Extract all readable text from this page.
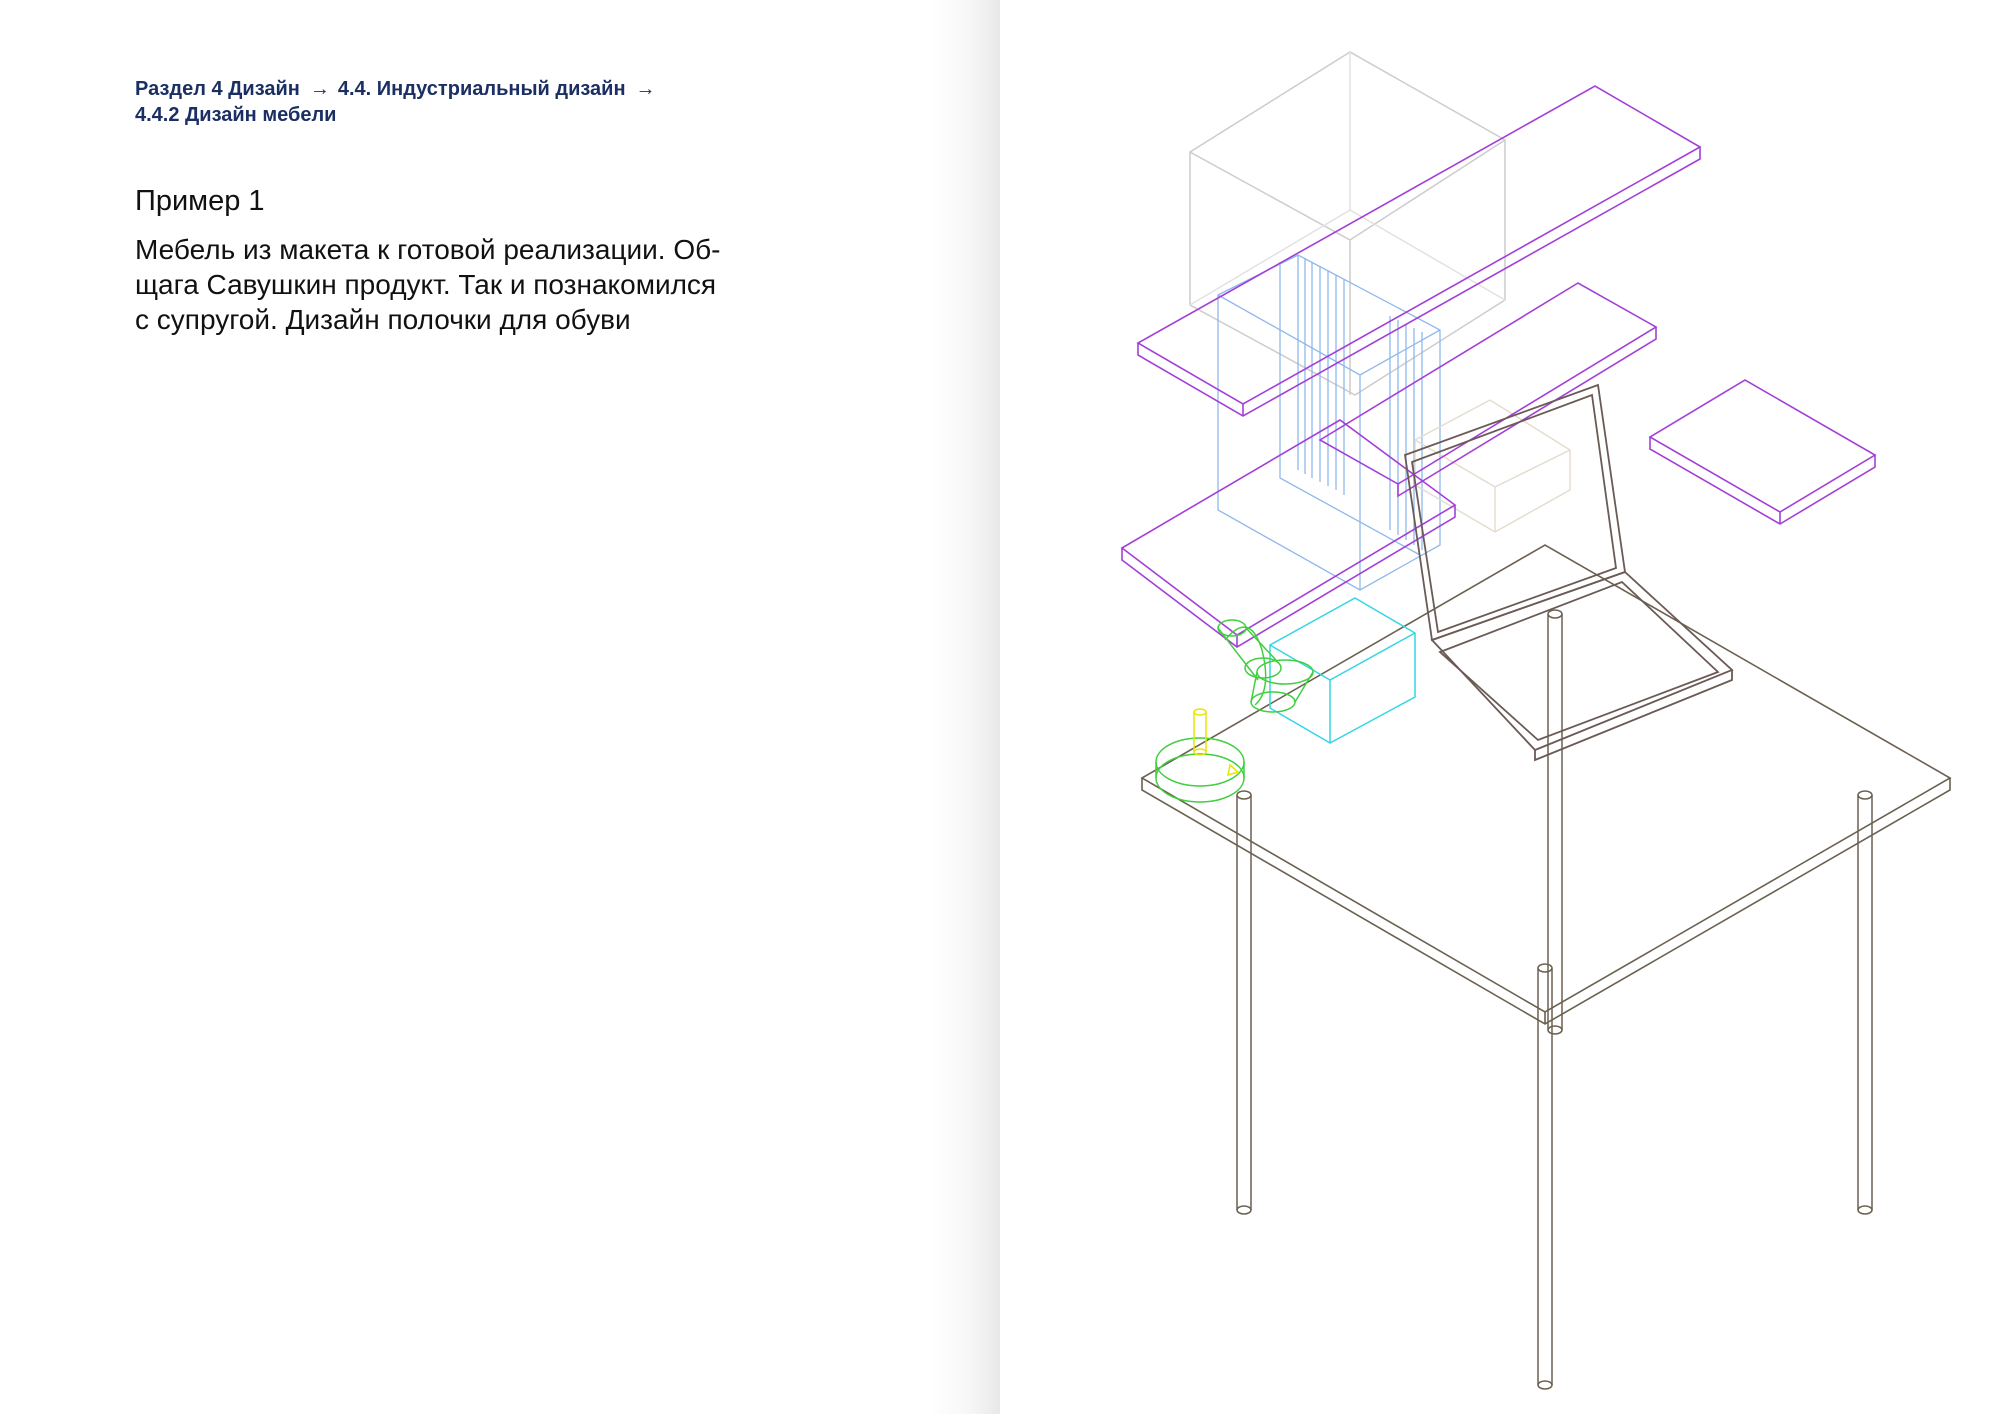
Раздел 4 Дизайн → 4.4. Индустриальный дизайн →
4.4.2 Дизайн мебели
Пример 1
Мебель из макета к готовой реализации. Об-
щага Савушкин продукт. Так и познакомился
с супругой. Дизайн полочки для обуви
